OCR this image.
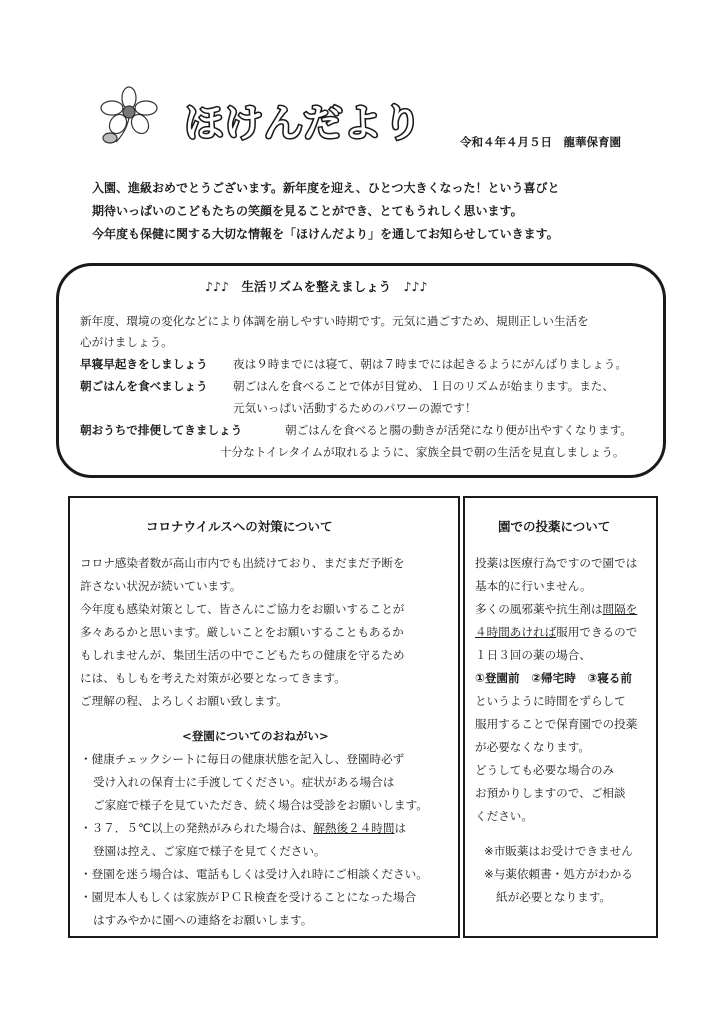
ほけんだより	令和４年４月５日　龍華保育園
入園、進級おめでとうございます。新年度を迎え、ひとつ大きくなった！という喜びと
期待いっぱいのこどもたちの笑顔を見ることができ、とてもうれしく思います。
今年度も保健に関する大切な情報を「ほけんだより」を通してお知らせしていきます。
♪♪♪　生活リズムを整えましょう　♪♪♪
新年度、環境の変化などにより体調を崩しやすい時期です。元気に過ごすため、規則正しい生活を
心がけましょう。
早寝早起きをしましょう 夜は９時までには寝て、朝は７時までには起きるようにがんばりましょう。
朝ごはんを食べましょう 朝ごはんを食べることで体が目覚め、１日のリズムが始まります。また、
元気いっぱい活動するためのパワーの源です！
朝おうちで排便してきましょう	朝ごはんを食べると腸の動きが活発になり便が出やすくなります。
十分なトイレタイムが取れるように、家族全員で朝の生活を見直しましょう。
コロナウイルスへの対策について
コロナ感染者数が高山市内でも出続けており、まだまだ予断を
許さない状況が続いています。
今年度も感染対策として、皆さんにご協力をお願いすることが
多々あるかと思います。厳しいことをお願いすることもあるか
もしれませんが、集団生活の中でこどもたちの健康を守るため
には、もしもを考えた対策が必要となってきます。
ご理解の程、よろしくお願い致します。
<登園についてのおねがい>
・健康チェックシートに毎日の健康状態を記入し、登園時必ず
受け入れの保育士に手渡してください。症状がある場合は
ご家庭で様子を見ていただき、続く場合は受診をお願いします。
・３７．５℃以上の発熱がみられた場合は、解熱後２４時間は
登園は控え、ご家庭で様子を見てください。
・登園を迷う場合は、電話もしくは受け入れ時にご相談ください。
・園児本人もしくは家族がＰＣＲ検査を受けることになった場合
はすみやかに園への連絡をお願いします。
園での投薬について
投薬は医療行為ですので園では
基本的に行いません。
多くの風邪薬や抗生剤は間隔を
４時間あければ服用できるので
１日３回の薬の場合、
①登園前　②帰宅時　③寝る前
というように時間をずらして
服用することで保育園での投薬
が必要なくなります。
どうしても必要な場合のみ
お預かりしますので、ご相談
ください。
※市販薬はお受けできません
※与薬依頼書・処方がわかる
紙が必要となります。
